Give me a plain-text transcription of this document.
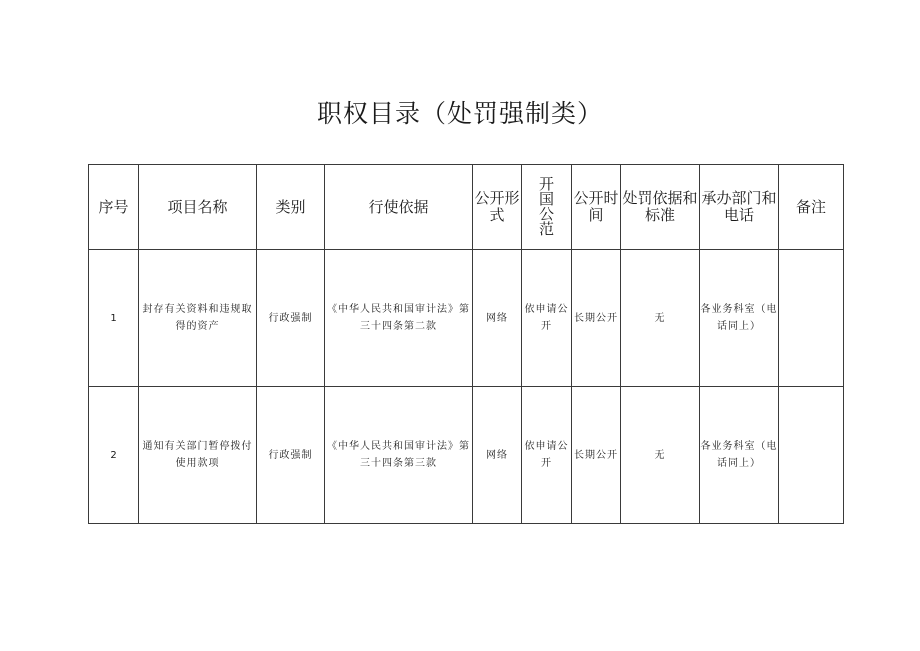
职权目录（处罚强制类）
序号	项目名称	类别	行使依据	公开形式	开国公范	公开时间	处罚依据和标准	承办部门和电话	备注
1	封存有关资料和违规取得的资产	行政强制	《中华人民共和国审计法》第三十四条第二款	网络	依申请公开	长期公开	无	各业务科室（电话同上）	
2	通知有关部门暂停拨付使用款项	行政强制	《中华人民共和国审计法》第三十四条第三款	网络	依申请公开	长期公开	无	各业务科室（电话同上）	
